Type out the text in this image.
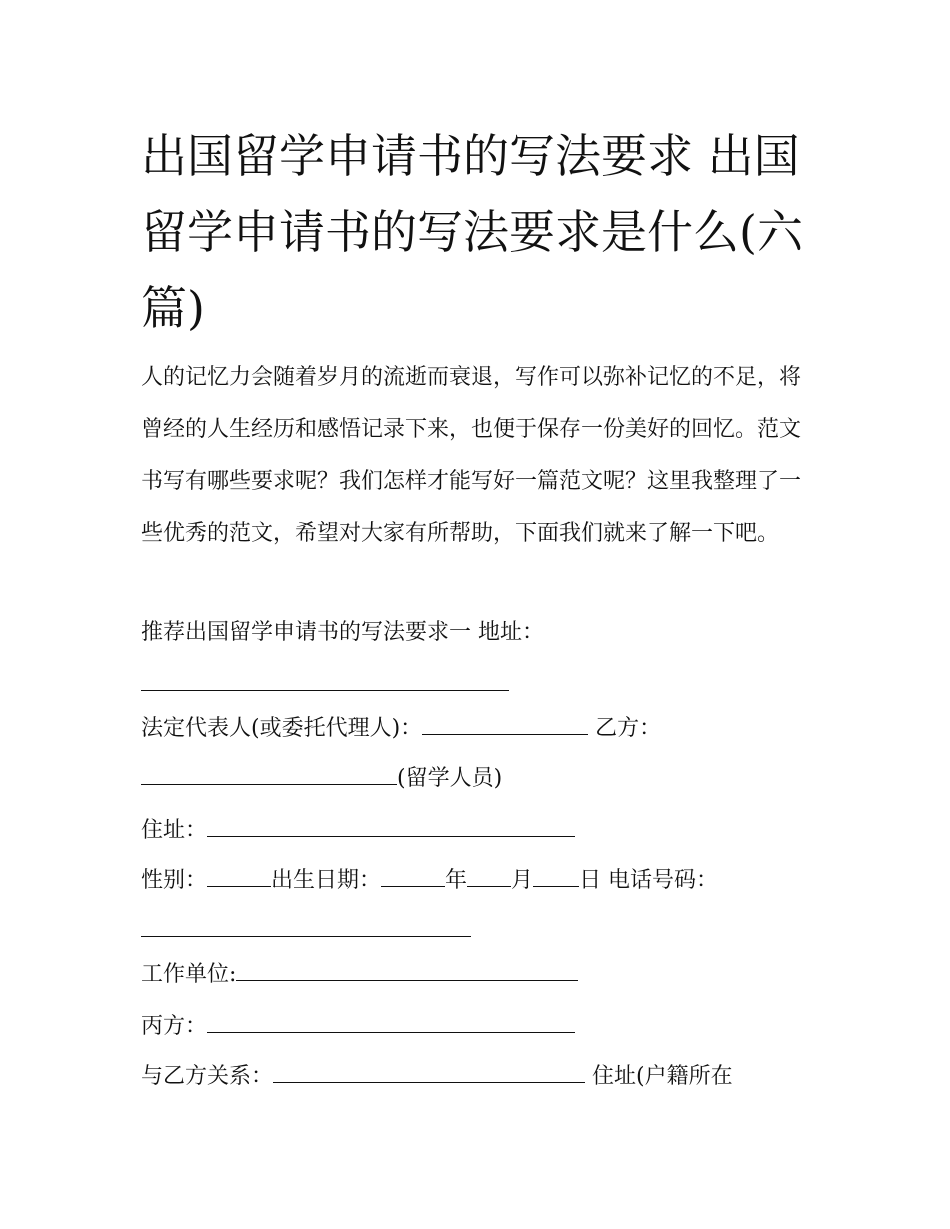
出国留学申请书的写法要求 出国留学申请书的写法要求是什么(六篇)

人的记忆力会随着岁月的流逝而衰退，写作可以弥补记忆的不足，将曾经的人生经历和感悟记录下来，也便于保存一份美好的回忆。范文书写有哪些要求呢？我们怎样才能写好一篇范文呢？这里我整理了一些优秀的范文，希望对大家有所帮助，下面我们就来了解一下吧。

推荐出国留学申请书的写法要求一 地址：

法定代表人(或委托代理人)：	乙方：

(留学人员)

住址：

性别：	出生日期：	年 月 日 电话号码：

工作单位:

丙方：

与乙方关系：	住址(户籍所在
